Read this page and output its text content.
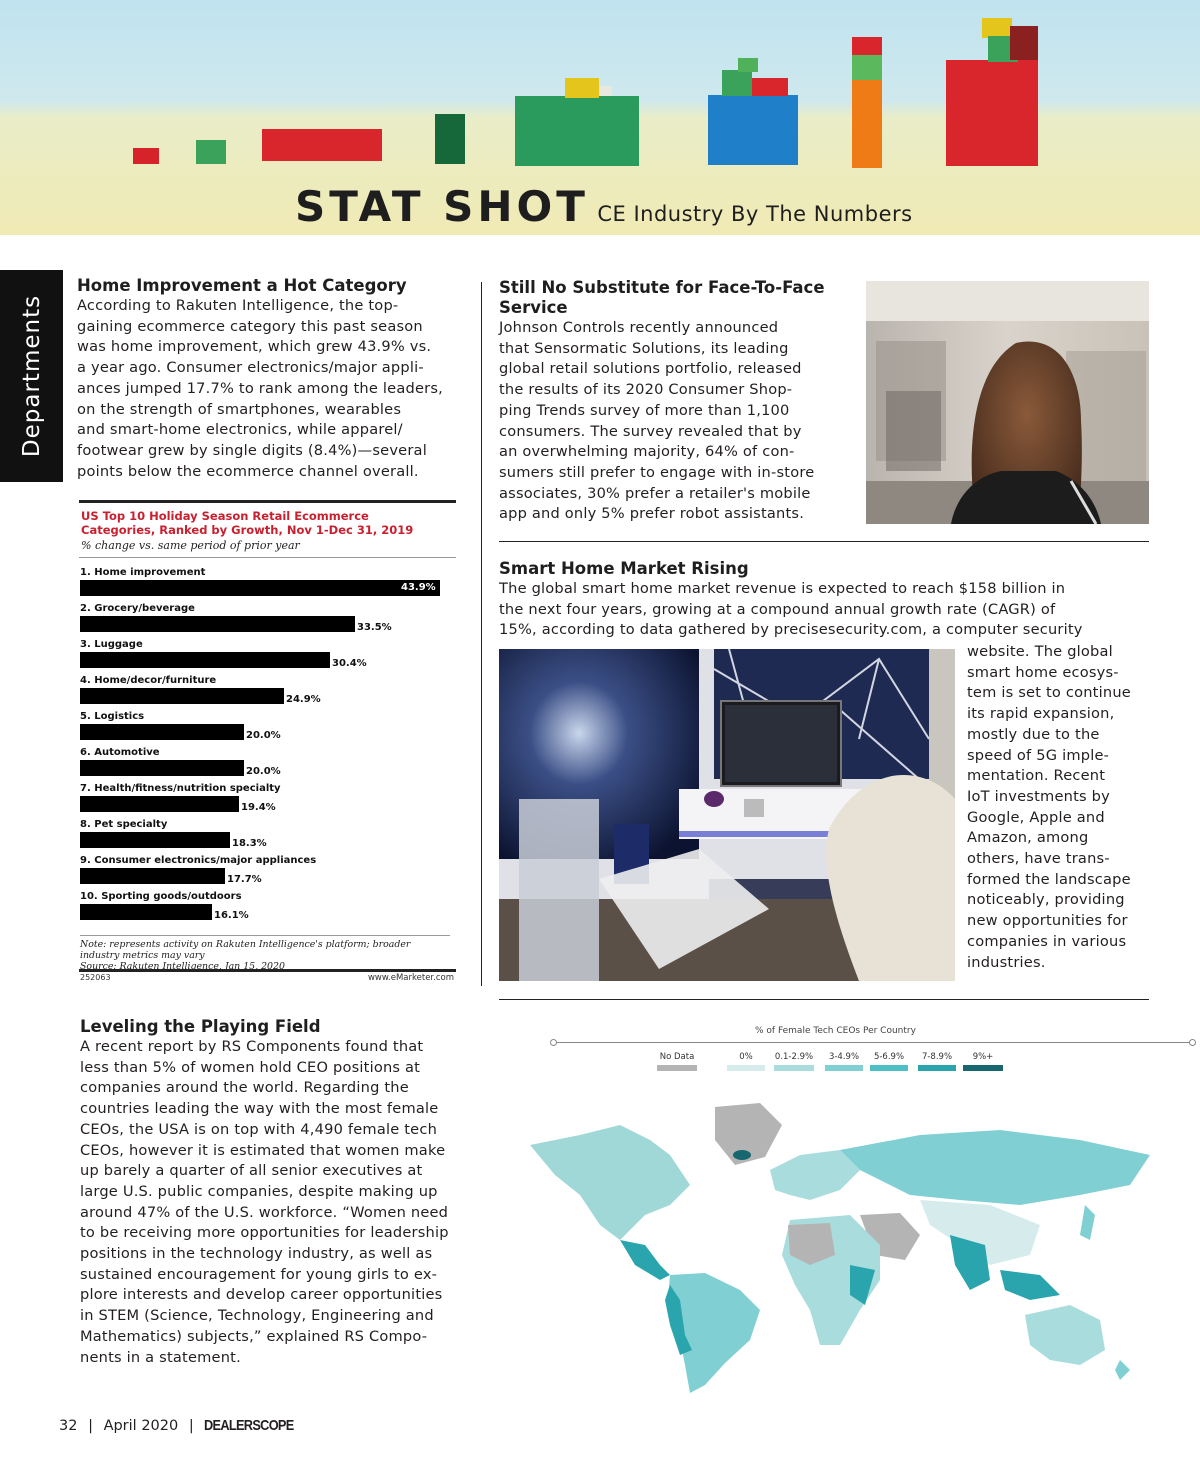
STAT SHOT CE Industry By The Numbers
Departments
Home Improvement a Hot Category
According to Rakuten Intelligence, the top-
gaining ecommerce category this past season
was home improvement, which grew 43.9% vs.
a year ago. Consumer electronics/major appli-
ances jumped 17.7% to rank among the leaders,
on the strength of smartphones, wearables
and smart-home electronics, while apparel/
footwear grew by single digits (8.4%)—several
points below the ecommerce channel overall.
US Top 10 Holiday Season Retail Ecommerce
Categories, Ranked by Growth, Nov 1-Dec 31, 2019
% change vs. same period of prior year
1. Home improvement
43.9%
2. Grocery/beverage
33.5%
3. Luggage
30.4%
4. Home/decor/furniture
24.9%
5. Logistics
20.0%
6. Automotive
20.0%
7. Health/fitness/nutrition specialty
19.4%
8. Pet specialty
18.3%
9. Consumer electronics/major appliances
17.7%
10. Sporting goods/outdoors
16.1%
Note: represents activity on Rakuten Intelligence's platform; broader
industry metrics may vary
Source: Rakuten Intelligence, Jan 15, 2020
252063	www.eMarketer.com
Still No Substitute for Face-To-Face
Service
Johnson Controls recently announced
that Sensormatic Solutions, its leading
global retail solutions portfolio, released
the results of its 2020 Consumer Shop-
ping Trends survey of more than 1,100
consumers. The survey revealed that by
an overwhelming majority, 64% of con-
sumers still prefer to engage with in-store
associates, 30% prefer a retailer's mobile
app and only 5% prefer robot assistants.
Smart Home Market Rising
The global smart home market revenue is expected to reach $158 billion in
the next four years, growing at a compound annual growth rate (CAGR) of
15%, according to data gathered by precisesecurity.com, a computer security
website. The global
smart home ecosys-
tem is set to continue
its rapid expansion,
mostly due to the
speed of 5G imple-
mentation. Recent
IoT investments by
Google, Apple and
Amazon, among
others, have trans-
formed the landscape
noticeably, providing
new opportunities for
companies in various
industries.
Leveling the Playing Field
A recent report by RS Components found that
less than 5% of women hold CEO positions at
companies around the world. Regarding the
countries leading the way with the most female
CEOs, the USA is on top with 4,490 female tech
CEOs, however it is estimated that women make
up barely a quarter of all senior executives at
large U.S. public companies, despite making up
around 47% of the U.S. workforce. “Women need
to be receiving more opportunities for leadership
positions in the technology industry, as well as
sustained encouragement for young girls to ex-
plore interests and develop career opportunities
in STEM (Science, Technology, Engineering and
Mathematics) subjects,” explained RS Compo-
nents in a statement.
% of Female Tech CEOs Per Country
No Data	0%	0.1-2.9%	3-4.9%	5-6.9%	7-8.9%	9%+
32 | April 2020 | DEALERSCOPE
